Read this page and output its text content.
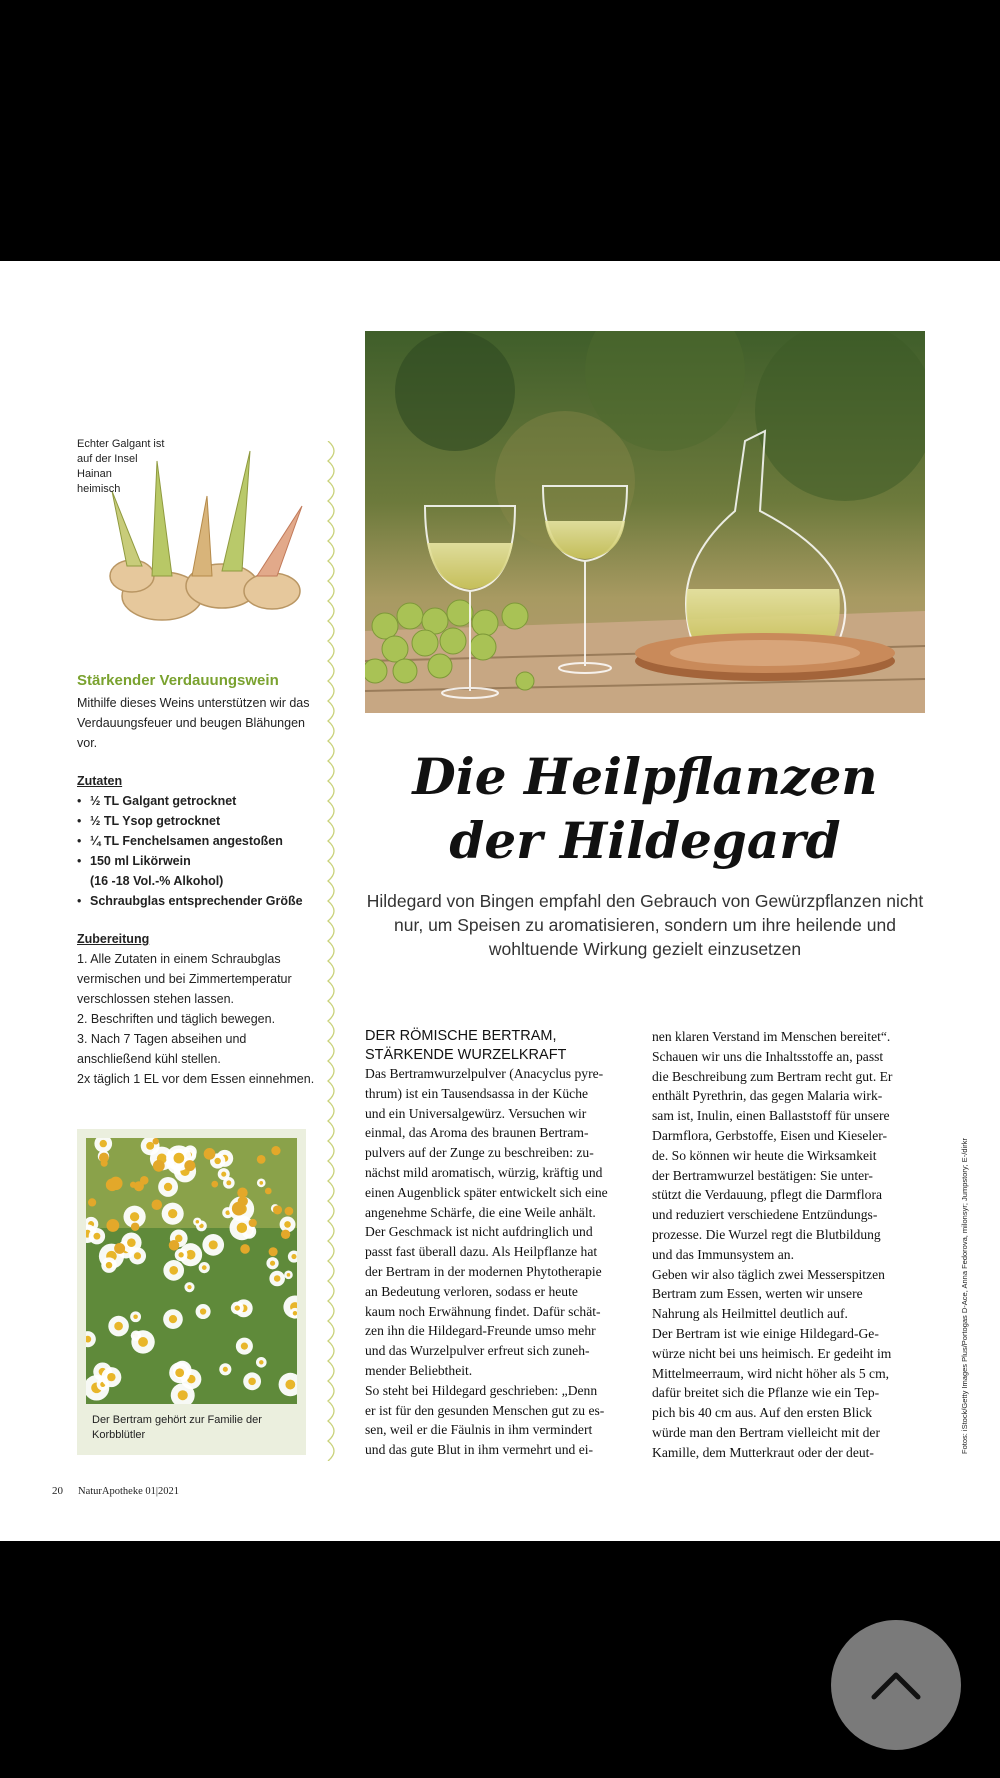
Echter Galgant ist
auf der Insel
Hainan
heimisch

Stärkender Verdauungswein

Mithilfe dieses Weins unterstützen wir das Verdauungsfeuer und beugen Blähungen vor.

Zutaten

• ½ TL Galgant getrocknet
• ½ TL Ysop getrocknet
• ¼ TL Fenchelsamen angestoßen
• 150 ml Likörwein
(16 -18 Vol.-% Alkohol)
• Schraubglas entsprechender Größe

Zubereitung

1. Alle Zutaten in einem Schraubglas vermischen und bei Zimmertemperatur verschlossen stehen lassen.

2. Beschriften und täglich bewegen.

3. Nach 7 Tagen abseihen und anschließend kühl stellen.

2x täglich 1 EL vor dem Essen einnehmen.

Der Bertram gehört zur Familie der Korbblütler
Die Heilpflanzen
der Hildegard

Hildegard von Bingen empfahl den Gebrauch von Gewürzpflanzen nicht nur, um Speisen zu aromatisieren, sondern um ihre heilende und wohltuende Wirkung gezielt einzusetzen

DER RÖMISCHE BERTRAM,
STÄRKENDE WURZELKRAFT

Das Bertramwurzelpulver (Anacyclus pyre-
thrum) ist ein Tausendsassa in der Küche
und ein Universalgewürz. Versuchen wir
einmal, das Aroma des braunen Bertram-
pulvers auf der Zunge zu beschreiben: zu-
nächst mild aromatisch, würzig, kräftig und
einen Augenblick später entwickelt sich eine
angenehme Schärfe, die eine Weile anhält.
Der Geschmack ist nicht aufdringlich und
passt fast überall dazu. Als Heilpflanze hat
der Bertram in der modernen Phytotherapie
an Bedeutung verloren, sodass er heute
kaum noch Erwähnung findet. Dafür schät-
zen ihn die Hildegard-Freunde umso mehr
und das Wurzelpulver erfreut sich zuneh-
mender Beliebtheit.
So steht bei Hildegard geschrieben: „Denn
er ist für den gesunden Menschen gut zu es-
sen, weil er die Fäulnis in ihm vermindert
und das gute Blut in ihm vermehrt und ei-

nen klaren Verstand im Menschen bereitet“.
Schauen wir uns die Inhaltsstoffe an, passt
die Beschreibung zum Bertram recht gut. Er
enthält Pyrethrin, das gegen Malaria wirk-
sam ist, Inulin, einen Ballaststoff für unsere
Darmflora, Gerbstoffe, Eisen und Kieseler-
de. So können wir heute die Wirksamkeit
der Bertramwurzel bestätigen: Sie unter-
stützt die Verdauung, pflegt die Darmflora
und reduziert verschiedene Entzündungs-
prozesse. Die Wurzel regt die Blutbildung
und das Immunsystem an.
Geben wir also täglich zwei Messerspitzen
Bertram zum Essen, werten wir unsere
Nahrung als Heilmittel deutlich auf.
Der Bertram ist wie einige Hildegard-Ge-
würze nicht bei uns heimisch. Er gedeiht im
Mittelmeerraum, wird nicht höher als 5 cm,
dafür breitet sich die Pflanze wie ein Tep-
pich bis 40 cm aus. Auf den ersten Blick
würde man den Bertram vielleicht mit der
Kamille, dem Mutterkraut oder der deut-	Fotos: iStock/Getty Images Plus/Portogas D-Ace, Anna Fedorova, milonsyr; Jumpstory; E-/dirkr
20 NaturApotheke 01|2021
